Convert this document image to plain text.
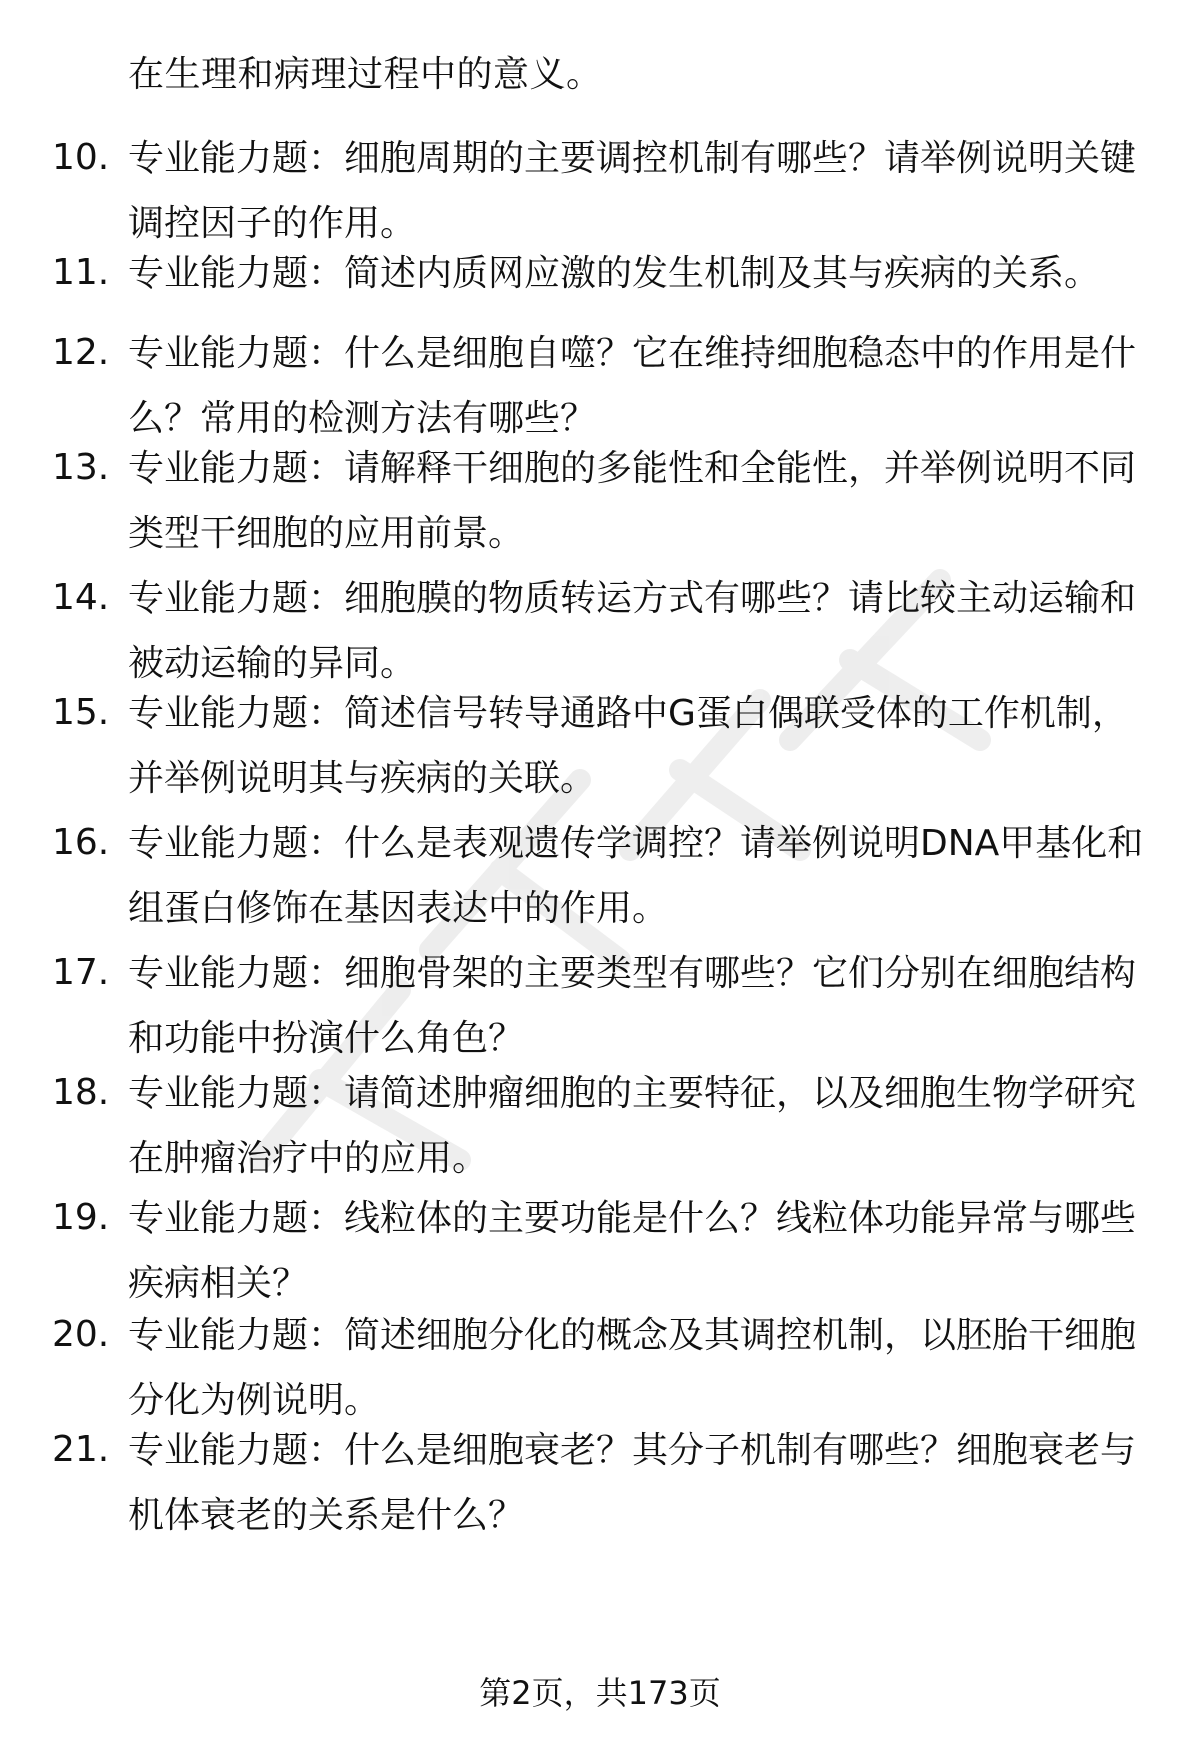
在生理和病理过程中的意义。
10. 专业能力题：细胞周期的主要调控机制有哪些？请举例说明关键
调控因子的作用。
11. 专业能力题：简述内质网应激的发生机制及其与疾病的关系。
12. 专业能力题：什么是细胞自噬？它在维持细胞稳态中的作用是什
么？常用的检测方法有哪些？
13. 专业能力题：请解释干细胞的多能性和全能性，并举例说明不同
类型干细胞的应用前景。
14. 专业能力题：细胞膜的物质转运方式有哪些？请比较主动运输和
被动运输的异同。
15. 专业能力题：简述信号转导通路中G蛋白偶联受体的工作机制，
并举例说明其与疾病的关联。
16. 专业能力题：什么是表观遗传学调控？请举例说明DNA甲基化和
组蛋白修饰在基因表达中的作用。
17. 专业能力题：细胞骨架的主要类型有哪些？它们分别在细胞结构
和功能中扮演什么角色？
18. 专业能力题：请简述肿瘤细胞的主要特征，以及细胞生物学研究
在肿瘤治疗中的应用。
19. 专业能力题：线粒体的主要功能是什么？线粒体功能异常与哪些
疾病相关？
20. 专业能力题：简述细胞分化的概念及其调控机制，以胚胎干细胞
分化为例说明。
21. 专业能力题：什么是细胞衰老？其分子机制有哪些？细胞衰老与
机体衰老的关系是什么？
第2页，共173页
